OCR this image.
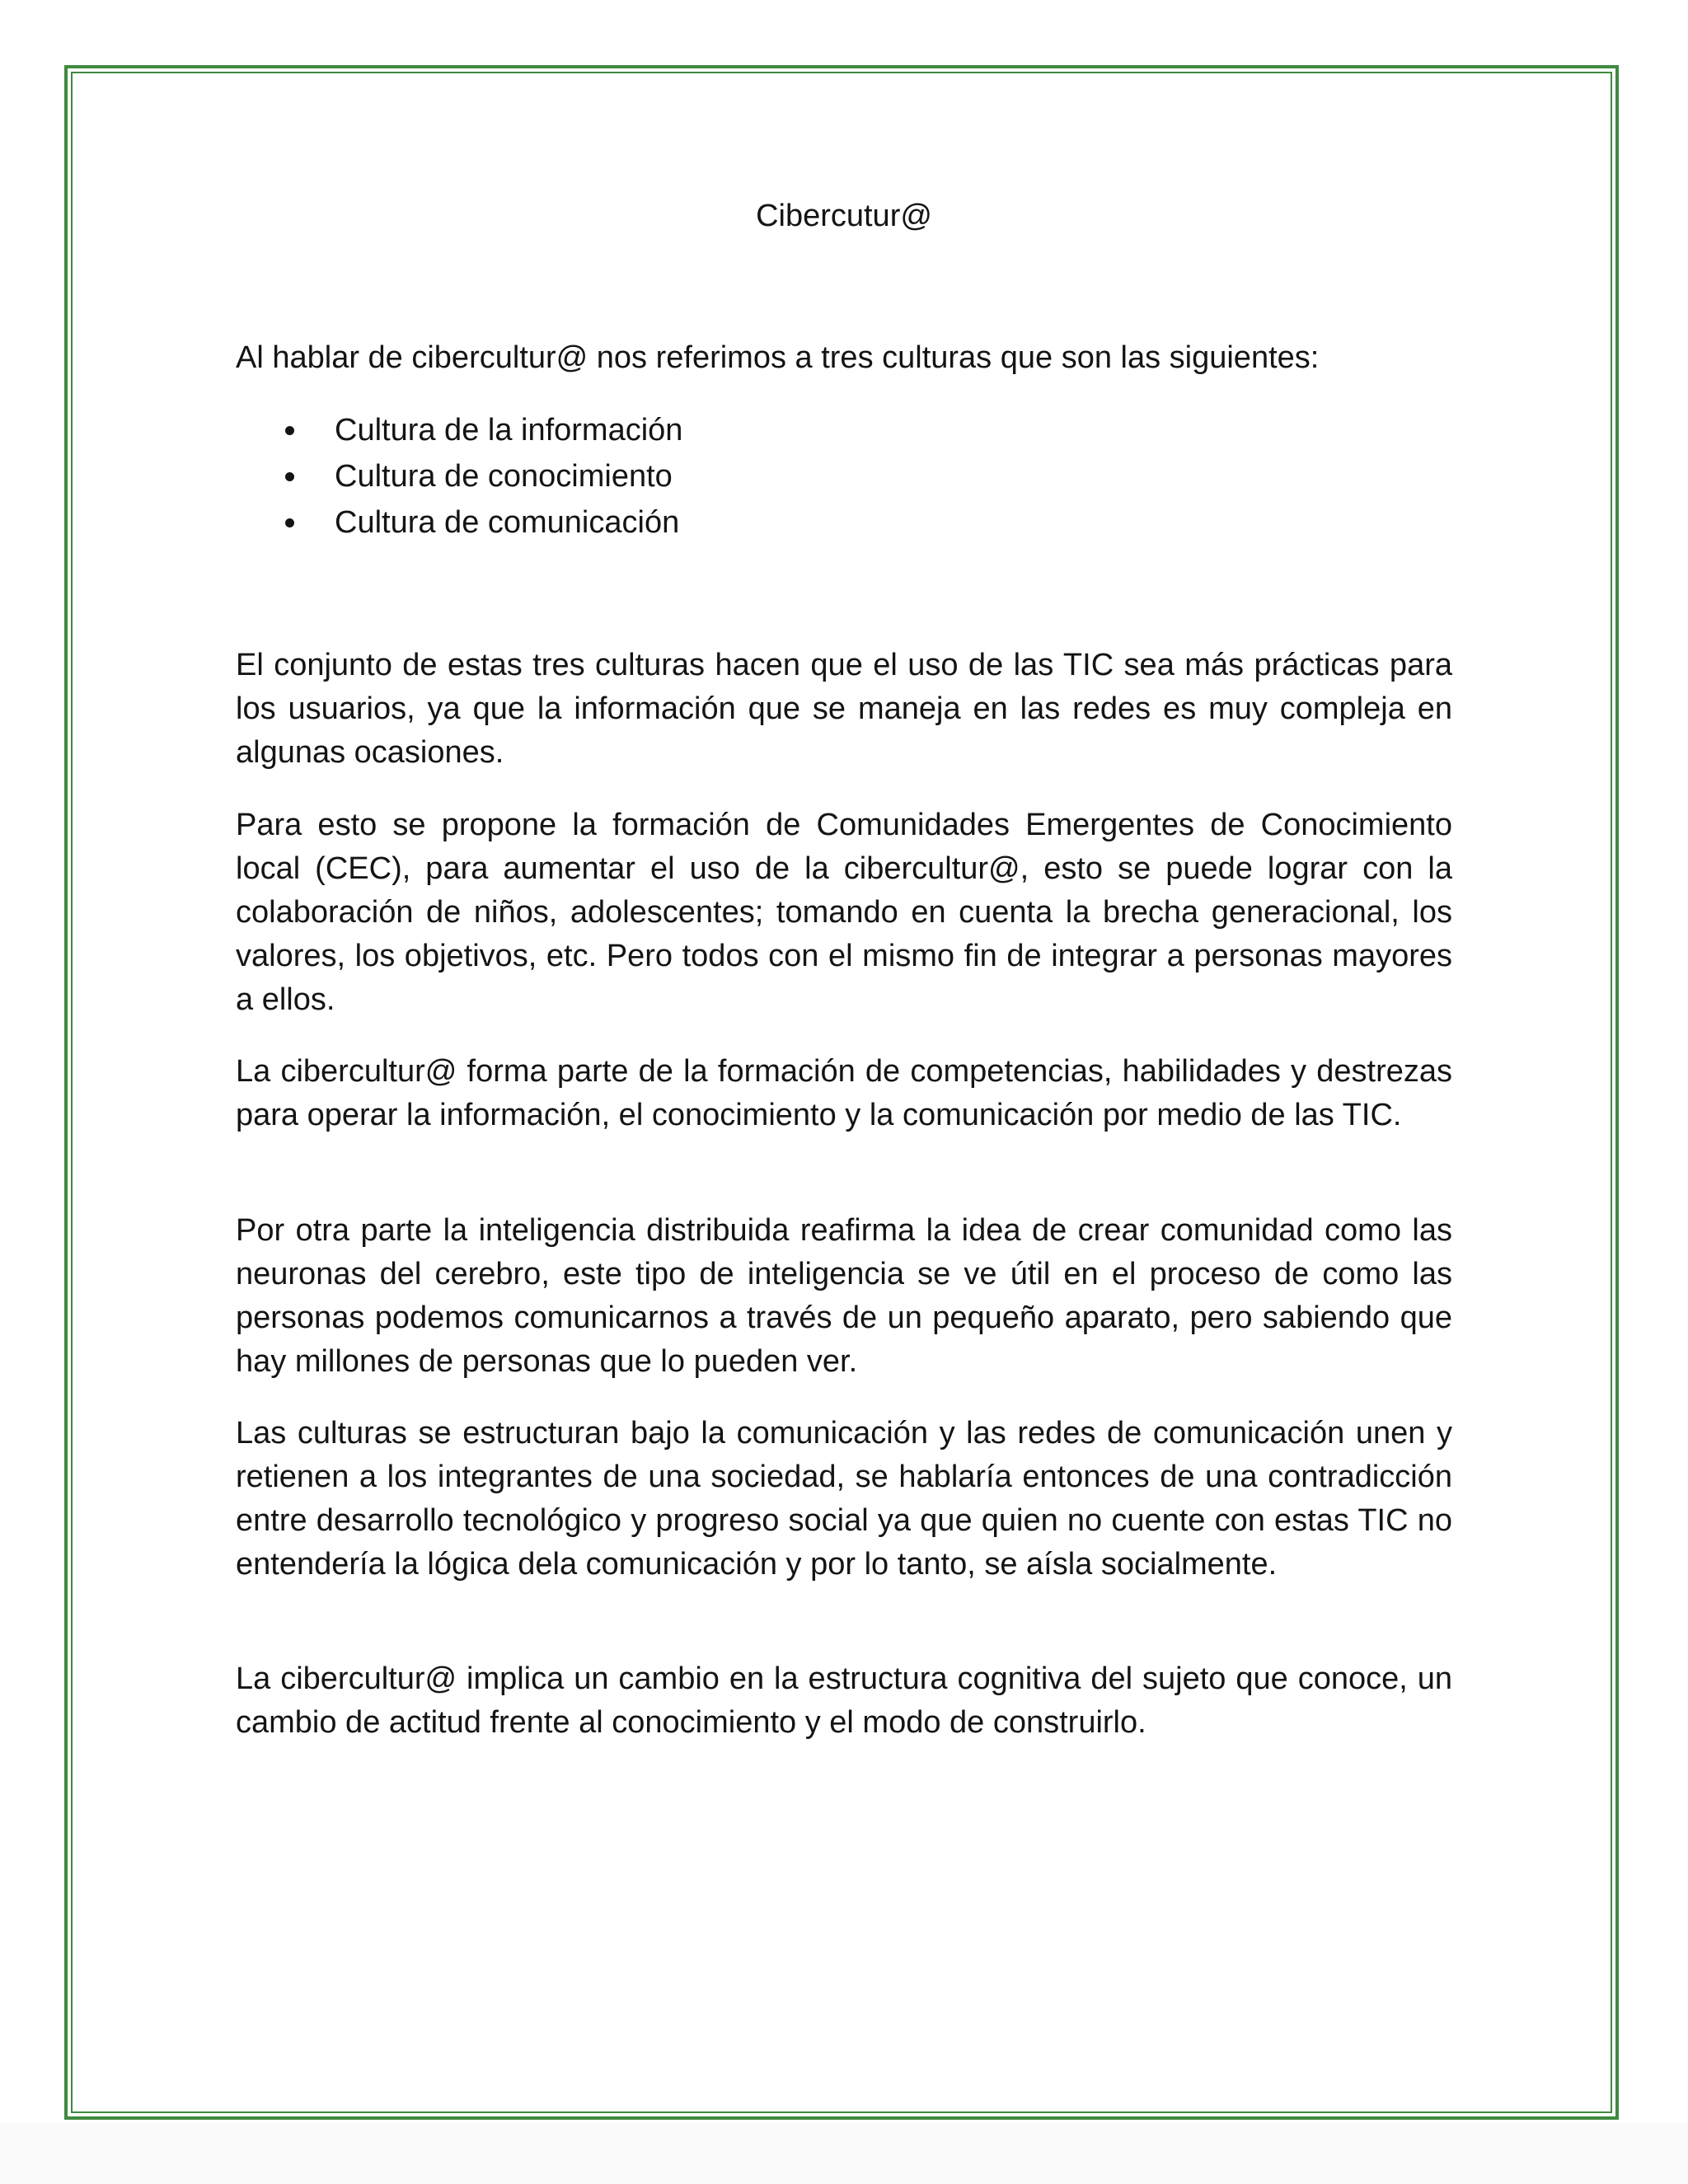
Cibercutur@

Al hablar de cibercultur@ nos referimos a tres culturas que son las siguientes:

Cultura de la información
Cultura de conocimiento
Cultura de comunicación

El conjunto de estas tres culturas hacen que el uso de las TIC sea más prácticas para los usuarios, ya que la información que se maneja en las redes es muy compleja en algunas ocasiones.

Para esto se propone la formación de Comunidades Emergentes de Conocimiento local (CEC), para aumentar el uso de la cibercultur@, esto se puede lograr con la colaboración de niños, adolescentes; tomando en cuenta la brecha generacional, los valores, los objetivos, etc. Pero todos con el mismo fin de integrar a personas mayores a ellos.

La cibercultur@ forma parte de la formación de competencias, habilidades y destrezas para operar la información, el conocimiento y la comunicación por medio de las TIC.

Por otra parte la inteligencia distribuida reafirma la idea de crear comunidad como las neuronas del cerebro, este tipo de inteligencia se ve útil en el proceso de como las personas podemos comunicarnos a través de un pequeño aparato, pero sabiendo que hay millones de personas que lo pueden ver.

Las culturas se estructuran bajo la comunicación y las redes de comunicación unen y retienen a los integrantes de una sociedad, se hablaría entonces de una contradicción entre desarrollo tecnológico y progreso social ya que quien no cuente con estas TIC no entendería la lógica dela comunicación y por lo tanto, se aísla socialmente.

La cibercultur@ implica un cambio en la estructura cognitiva del sujeto que conoce, un cambio de actitud frente al conocimiento y el modo de construirlo.
